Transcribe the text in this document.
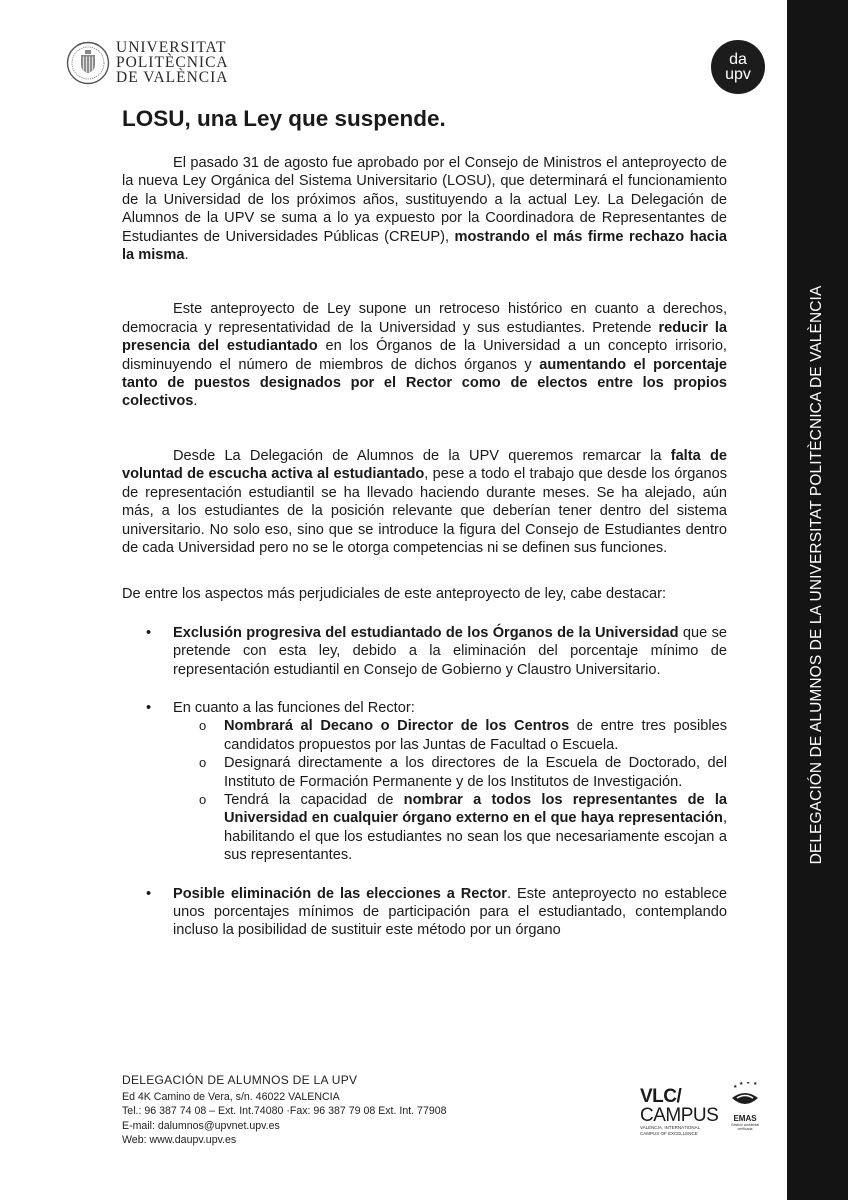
UNIVERSITAT
POLITÈCNICA
DE VALÈNCIA
da
upv
DELEGACIÓN DE ALUMNOS DE LA UNIVERSITAT POLITÈCNICA DE VALÈNCIA
LOSU, una Ley que suspende.

El pasado 31 de agosto fue aprobado por el Consejo de Ministros el anteproyecto de la nueva Ley Orgánica del Sistema Universitario (LOSU), que determinará el funcionamiento de la Universidad de los próximos años, sustituyendo a la actual Ley. La Delegación de Alumnos de la UPV se suma a lo ya expuesto por la Coordinadora de Representantes de Estudiantes de Universidades Públicas (CREUP), mostrando el más firme rechazo hacia la misma.

Este anteproyecto de Ley supone un retroceso histórico en cuanto a derechos, democracia y representatividad de la Universidad y sus estudiantes. Pretende reducir la presencia del estudiantado en los Órganos de la Universidad a un concepto irrisorio, disminuyendo el número de miembros de dichos órganos y aumentando el porcentaje tanto de puestos designados por el Rector como de electos entre los propios colectivos.

Desde La Delegación de Alumnos de la UPV queremos remarcar la falta de voluntad de escucha activa al estudiantado, pese a todo el trabajo que desde los órganos de representación estudiantil se ha llevado haciendo durante meses. Se ha alejado, aún más, a los estudiantes de la posición relevante que deberían tener dentro del sistema universitario. No solo eso, sino que se introduce la figura del Consejo de Estudiantes dentro de cada Universidad pero no se le otorga competencias ni se definen sus funciones.

De entre los aspectos más perjudiciales de este anteproyecto de ley, cabe destacar:

• Exclusión progresiva del estudiantado de los Órganos de la Universidad que se pretende con esta ley, debido a la eliminación del porcentaje mínimo de representación estudiantil en Consejo de Gobierno y Claustro Universitario.

• En cuanto a las funciones del Rector:

o Nombrará al Decano o Director de los Centros de entre tres posibles candidatos propuestos por las Juntas de Facultad o Escuela.
o Designará directamente a los directores de la Escuela de Doctorado, del Instituto de Formación Permanente y de los Institutos de Investigación.
o Tendrá la capacidad de nombrar a todos los representantes de la Universidad en cualquier órgano externo en el que haya representación, habilitando el que los estudiantes no sean los que necesariamente escojan a sus representantes.
• Posible eliminación de las elecciones a Rector. Este anteproyecto no establece unos porcentajes mínimos de participación para el estudiantado, contemplando incluso la posibilidad de sustituir este método por un órgano

DELEGACIÓN DE ALUMNOS DE LA UPV
Ed 4K Camino de Vera, s/n. 46022 VALENCIA
Tel.: 96 387 74 08 – Ext. Int.74080 ·Fax: 96 387 79 08 Ext. Int. 77908
E-mail: dalumnos@upvnet.upv.es
Web: www.daupv.upv.es
VLC/
CAMPUS
VALENCIA, INTERNATIONAL CAMPUS OF EXCELLENCE
★ ★ ★ ★
EMAS
Gestión ambiental verificada
